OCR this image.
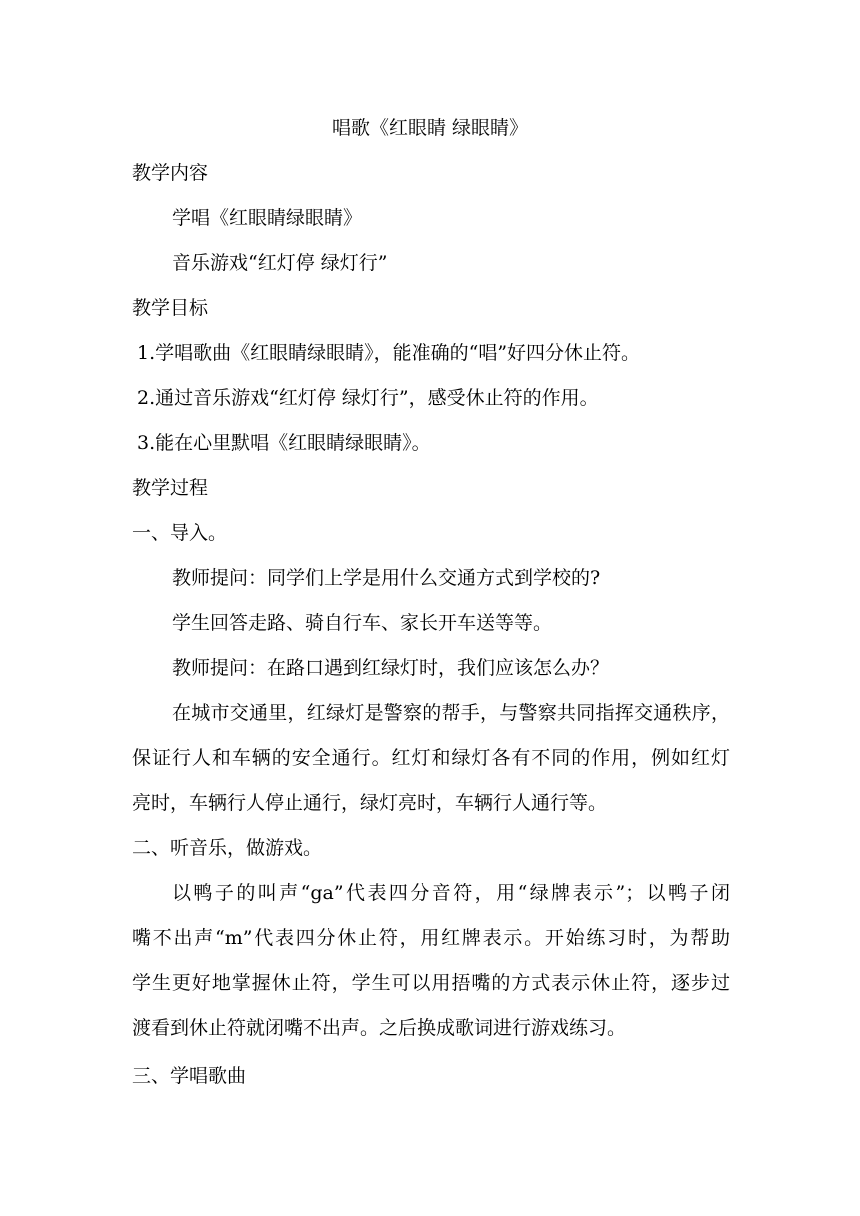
唱歌《红眼睛 绿眼睛》
教学内容
学唱《红眼睛绿眼睛》
音乐游戏“红灯停 绿灯行”
教学目标
1.学唱歌曲《红眼睛绿眼睛》，能准确的“唱”好四分休止符。
2.通过音乐游戏“红灯停 绿灯行”，感受休止符的作用。
3.能在心里默唱《红眼睛绿眼睛》。
教学过程
一、导入。
教师提问：同学们上学是用什么交通方式到学校的?
学生回答走路、骑自行车、家长开车送等等。
教师提问：在路口遇到红绿灯时，我们应该怎么办？
在城市交通里，红绿灯是警察的帮手，与警察共同指挥交通秩序，
保证行人和车辆的安全通行。红灯和绿灯各有不同的作用，例如红灯
亮时，车辆行人停止通行，绿灯亮时，车辆行人通行等。
二、听音乐，做游戏。
以鸭子的叫声“ga”代表四分音符，用“绿牌表示”；以鸭子闭
嘴不出声“m”代表四分休止符，用红牌表示。开始练习时，为帮助
学生更好地掌握休止符，学生可以用捂嘴的方式表示休止符，逐步过
渡看到休止符就闭嘴不出声。之后换成歌词进行游戏练习。
三、学唱歌曲
